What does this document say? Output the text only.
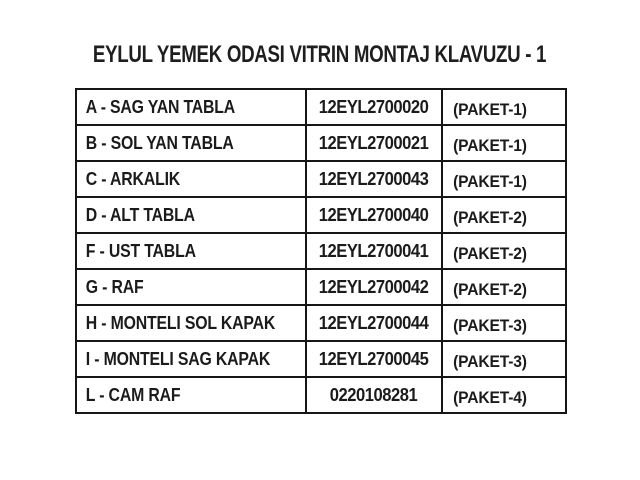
EYLUL YEMEK ODASI VITRIN MONTAJ KLAVUZU - 1
A - SAG YAN TABLA	12EYL2700020	(PAKET-1)
B - SOL YAN TABLA	12EYL2700021	(PAKET-1)
C - ARKALIK	12EYL2700043	(PAKET-1)
D - ALT TABLA	12EYL2700040	(PAKET-2)
F - UST TABLA	12EYL2700041	(PAKET-2)
G - RAF	12EYL2700042	(PAKET-2)
H - MONTELI SOL KAPAK	12EYL2700044	(PAKET-3)
I - MONTELI SAG KAPAK	12EYL2700045	(PAKET-3)
L - CAM RAF	0220108281	(PAKET-4)
